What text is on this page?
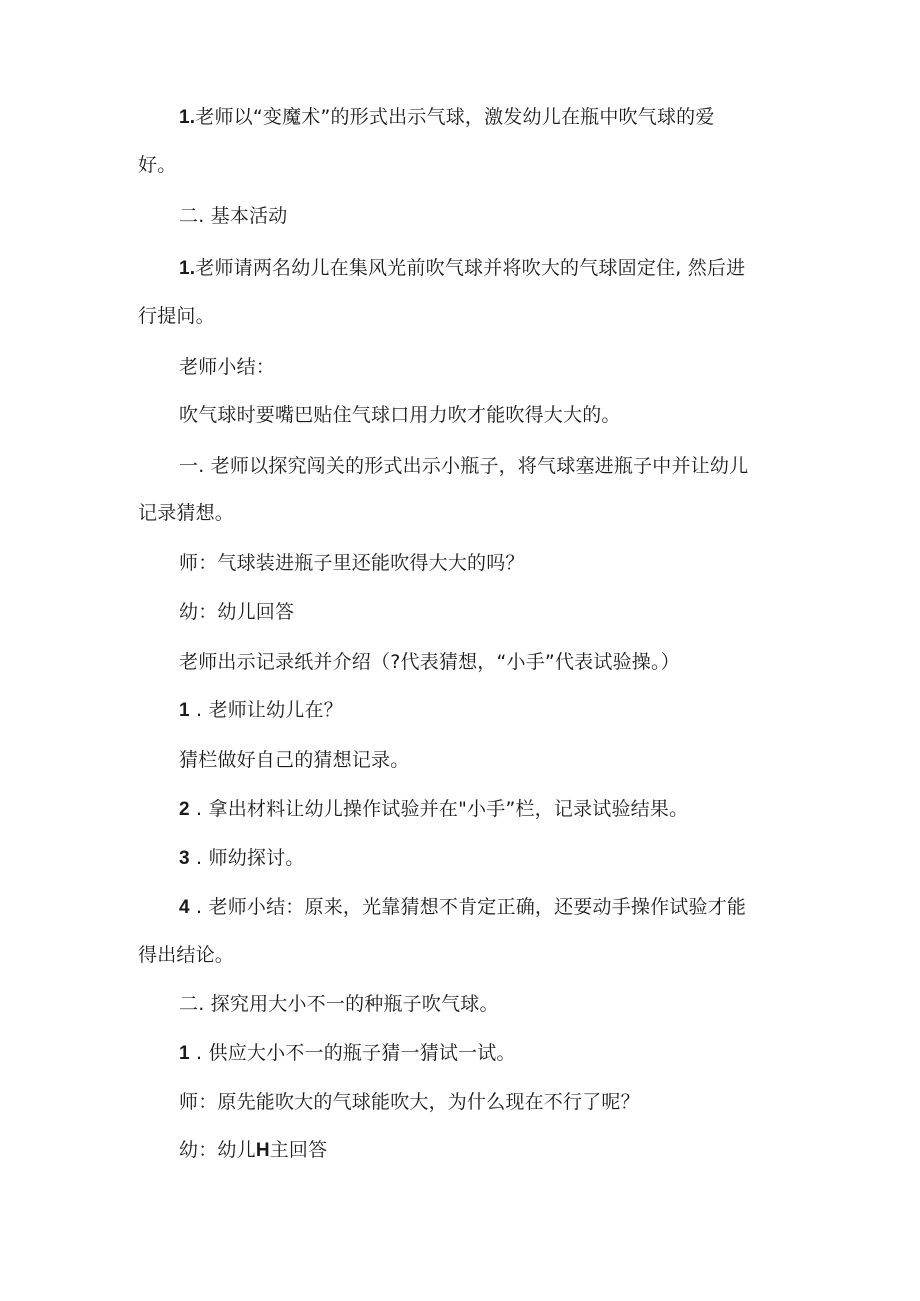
1.老师以“变魔术”的形式出示气球，激发幼儿在瓶中吹气球的爱
好。
二. 基本活动
1.老师请两名幼儿在集风光前吹气球并将吹大的气球固定住, 然后进
行提问。
老师小结：
吹气球时要嘴巴贴住气球口用力吹才能吹得大大的。
一. 老师以探究闯关的形式出示小瓶子，将气球塞进瓶子中并让幼儿
记录猜想。
师：气球装进瓶子里还能吹得大大的吗？
幼：幼儿回答
老师出示记录纸并介绍（?代表猜想，“小手”代表试验操。）
1 . 老师让幼儿在？
猜栏做好自己的猜想记录。
2 . 拿出材料让幼儿操作试验并在"小手”栏，记录试验结果。
3 . 师幼探讨。
4 . 老师小结：原来，光靠猜想不肯定正确，还要动手操作试验才能
得出结论。
二. 探究用大小不一的种瓶子吹气球。
1 . 供应大小不一的瓶子猜一猜试一试。
师：原先能吹大的气球能吹大，为什么现在不行了呢？
幼：幼儿H主回答
